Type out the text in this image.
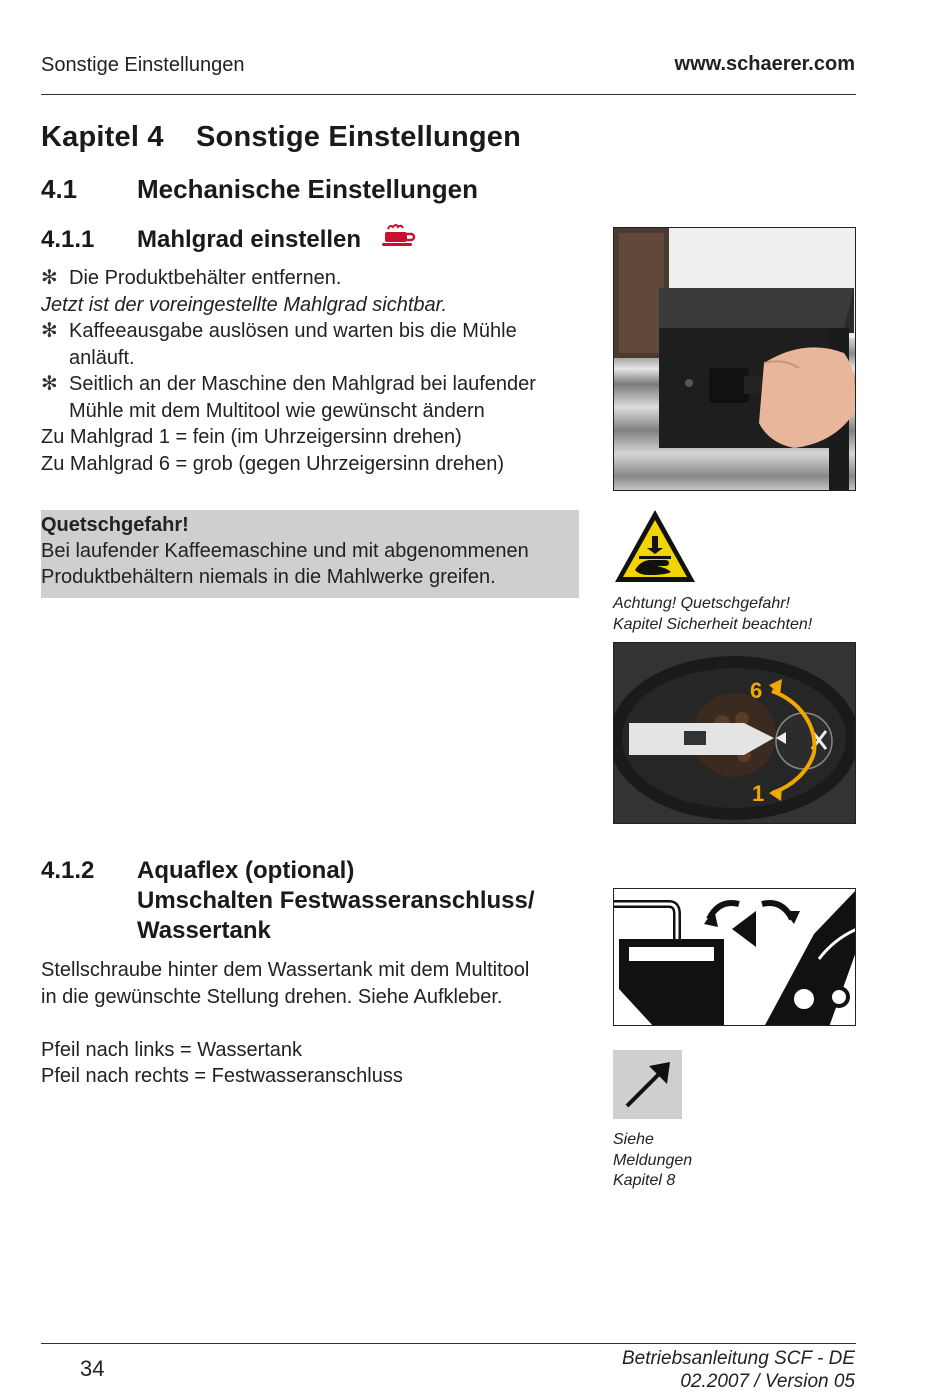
Sonstige Einstellungen	www.schaerer.com
Kapitel 4 Sonstige Einstellungen
4.1 Mechanische Einstellungen
4.1.1 Mahlgrad einstellen

✻ Die Produktbehälter entfernen.

Jetzt ist der voreingestellte Mahlgrad sichtbar.

✻ Kaffeeausgabe auslösen und warten bis die Mühle anläuft.

✻ Seitlich an der Maschine den Mahlgrad bei laufender Mühle mit dem Multitool wie gewünscht ändern

Zu Mahlgrad 1 = fein (im Uhrzeigersinn drehen)

Zu Mahlgrad 6 = grob (gegen Uhrzeigersinn drehen)

Quetschgefahr!
Bei laufender Kaffeemaschine und mit abgenommenen Produktbehältern niemals in die Mahlwerke greifen.
Achtung! Quetschgefahr!
Kapitel Sicherheit beachten!
6
1
4.1.2 Aquaflex (optional)
Umschalten Festwasseranschluss/
Wassertank

Stellschraube hinter dem Wassertank mit dem Multitool

in die gewünschte Stellung drehen. Siehe Aufkleber.

Pfeil nach links = Wassertank

Pfeil nach rechts = Festwasseranschluss

Siehe
Meldungen
Kapitel 8
34	Betriebsanleitung SCF - DE
02.2007 / Version 05
